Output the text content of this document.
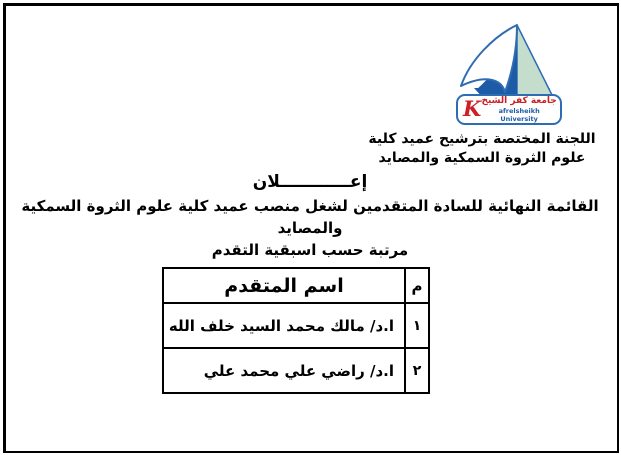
K جامعة كفر الشيخ
afrelsheikh University
اللجنة المختصة بترشيح عميد كلية
علوم الثروة السمكية والمصايد
إعــــــــــــلان
القائمة النهائية للسادة المتقدمين لشغل منصب عميد كلية علوم الثروة السمكية والمصايد
مرتبة حسب اسبقية التقدم
م	اسم المتقدم
١	ا.د/ مالك محمد السيد خلف الله
٢	ا.د/ راضي علي محمد علي
